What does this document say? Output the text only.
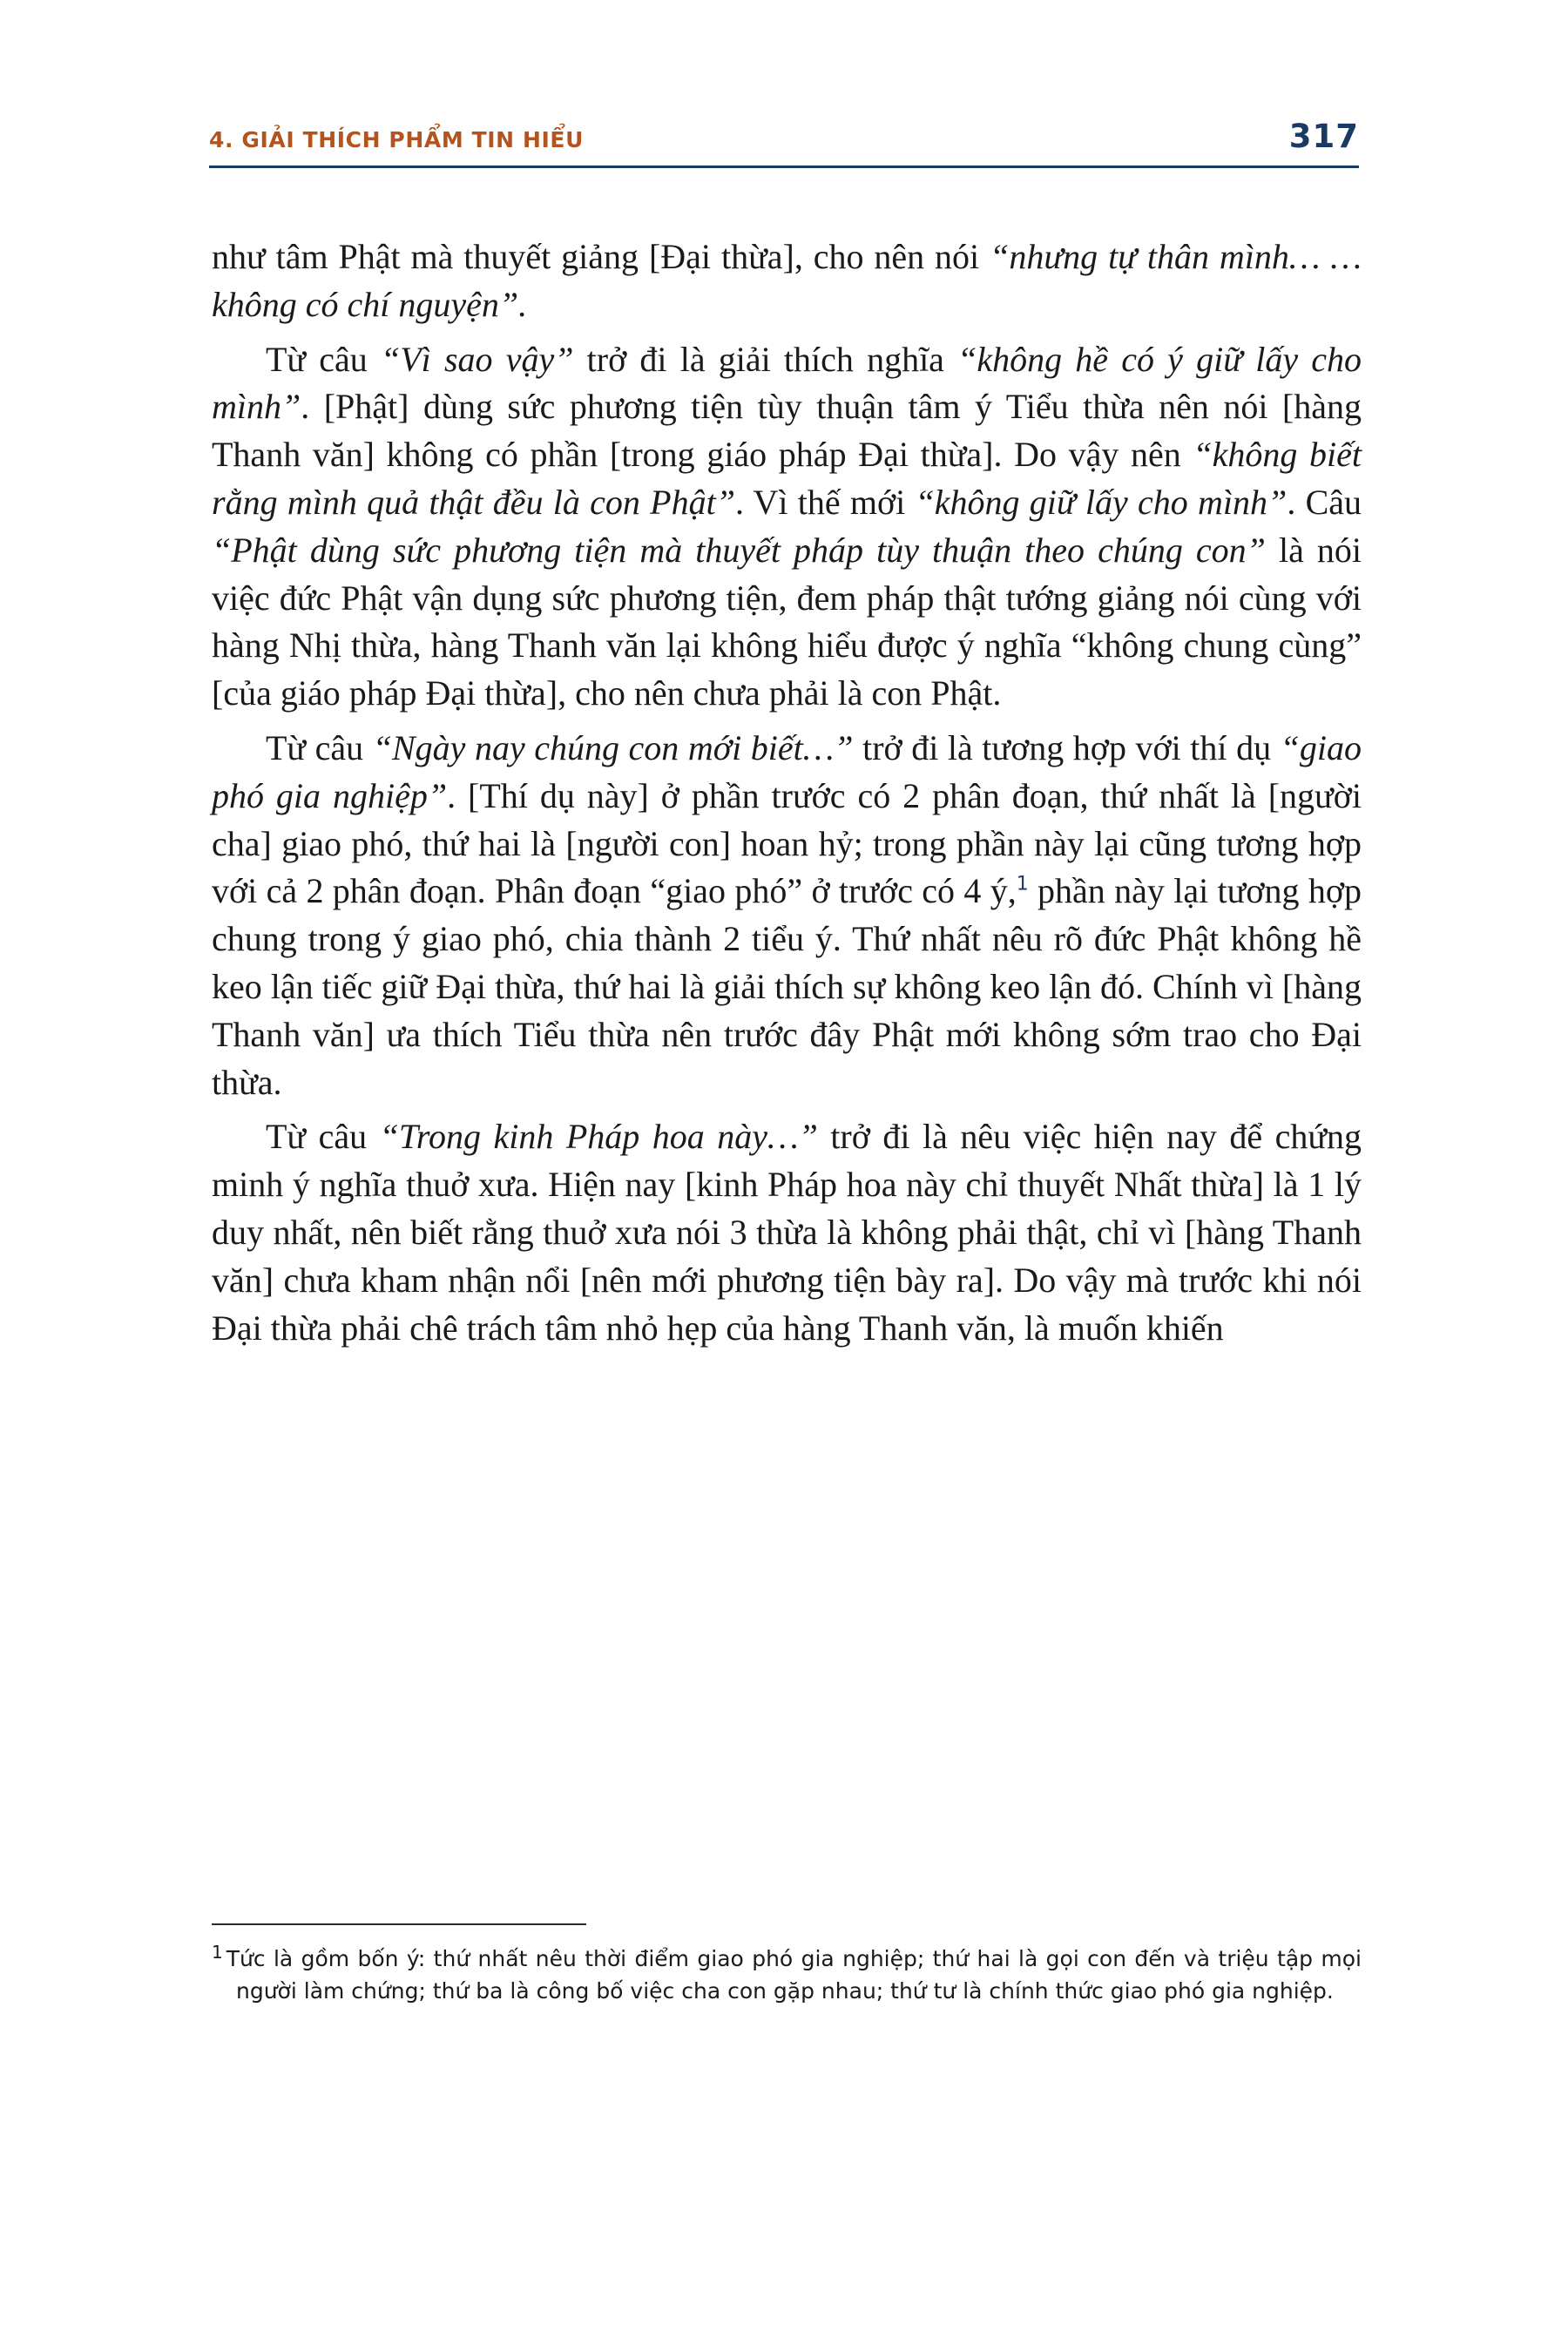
4. GIẢI THÍCH PHẨM TIN HIỂU	317

như tâm Phật mà thuyết giảng [Đại thừa], cho nên nói “nhưng tự thân mình… …không có chí nguyện”.

Từ câu “Vì sao vậy” trở đi là giải thích nghĩa “không hề có ý giữ lấy cho mình”. [Phật] dùng sức phương tiện tùy thuận tâm ý Tiểu thừa nên nói [hàng Thanh văn] không có phần [trong giáo pháp Đại thừa]. Do vậy nên “không biết rằng mình quả thật đều là con Phật”. Vì thế mới “không giữ lấy cho mình”. Câu “Phật dùng sức phương tiện mà thuyết pháp tùy thuận theo chúng con” là nói việc đức Phật vận dụng sức phương tiện, đem pháp thật tướng giảng nói cùng với hàng Nhị thừa, hàng Thanh văn lại không hiểu được ý nghĩa “không chung cùng” [của giáo pháp Đại thừa], cho nên chưa phải là con Phật.

Từ câu “Ngày nay chúng con mới biết…” trở đi là tương hợp với thí dụ “giao phó gia nghiệp”. [Thí dụ này] ở phần trước có 2 phân đoạn, thứ nhất là [người cha] giao phó, thứ hai là [người con] hoan hỷ; trong phần này lại cũng tương hợp với cả 2 phân đoạn. Phân đoạn “giao phó” ở trước có 4 ý,$^1$ phần này lại tương hợp chung trong ý giao phó, chia thành 2 tiểu ý. Thứ nhất nêu rõ đức Phật không hề keo lận tiếc giữ Đại thừa, thứ hai là giải thích sự không keo lận đó. Chính vì [hàng Thanh văn] ưa thích Tiểu thừa nên trước đây Phật mới không sớm trao cho Đại thừa.

Từ câu “Trong kinh Pháp hoa này…” trở đi là nêu việc hiện nay để chứng minh ý nghĩa thuở xưa. Hiện nay [kinh Pháp hoa này chỉ thuyết Nhất thừa] là 1 lý duy nhất, nên biết rằng thuở xưa nói 3 thừa là không phải thật, chỉ vì [hàng Thanh văn] chưa kham nhận nổi [nên mới phương tiện bày ra]. Do vậy mà trước khi nói Đại thừa phải chê trách tâm nhỏ hẹp của hàng Thanh văn, là muốn khiến

$^1$ Tức là gồm bốn ý: thứ nhất nêu thời điểm giao phó gia nghiệp; thứ hai là gọi con đến và triệu tập mọi người làm chứng; thứ ba là công bố việc cha con gặp nhau; thứ tư là chính thức giao phó gia nghiệp.
